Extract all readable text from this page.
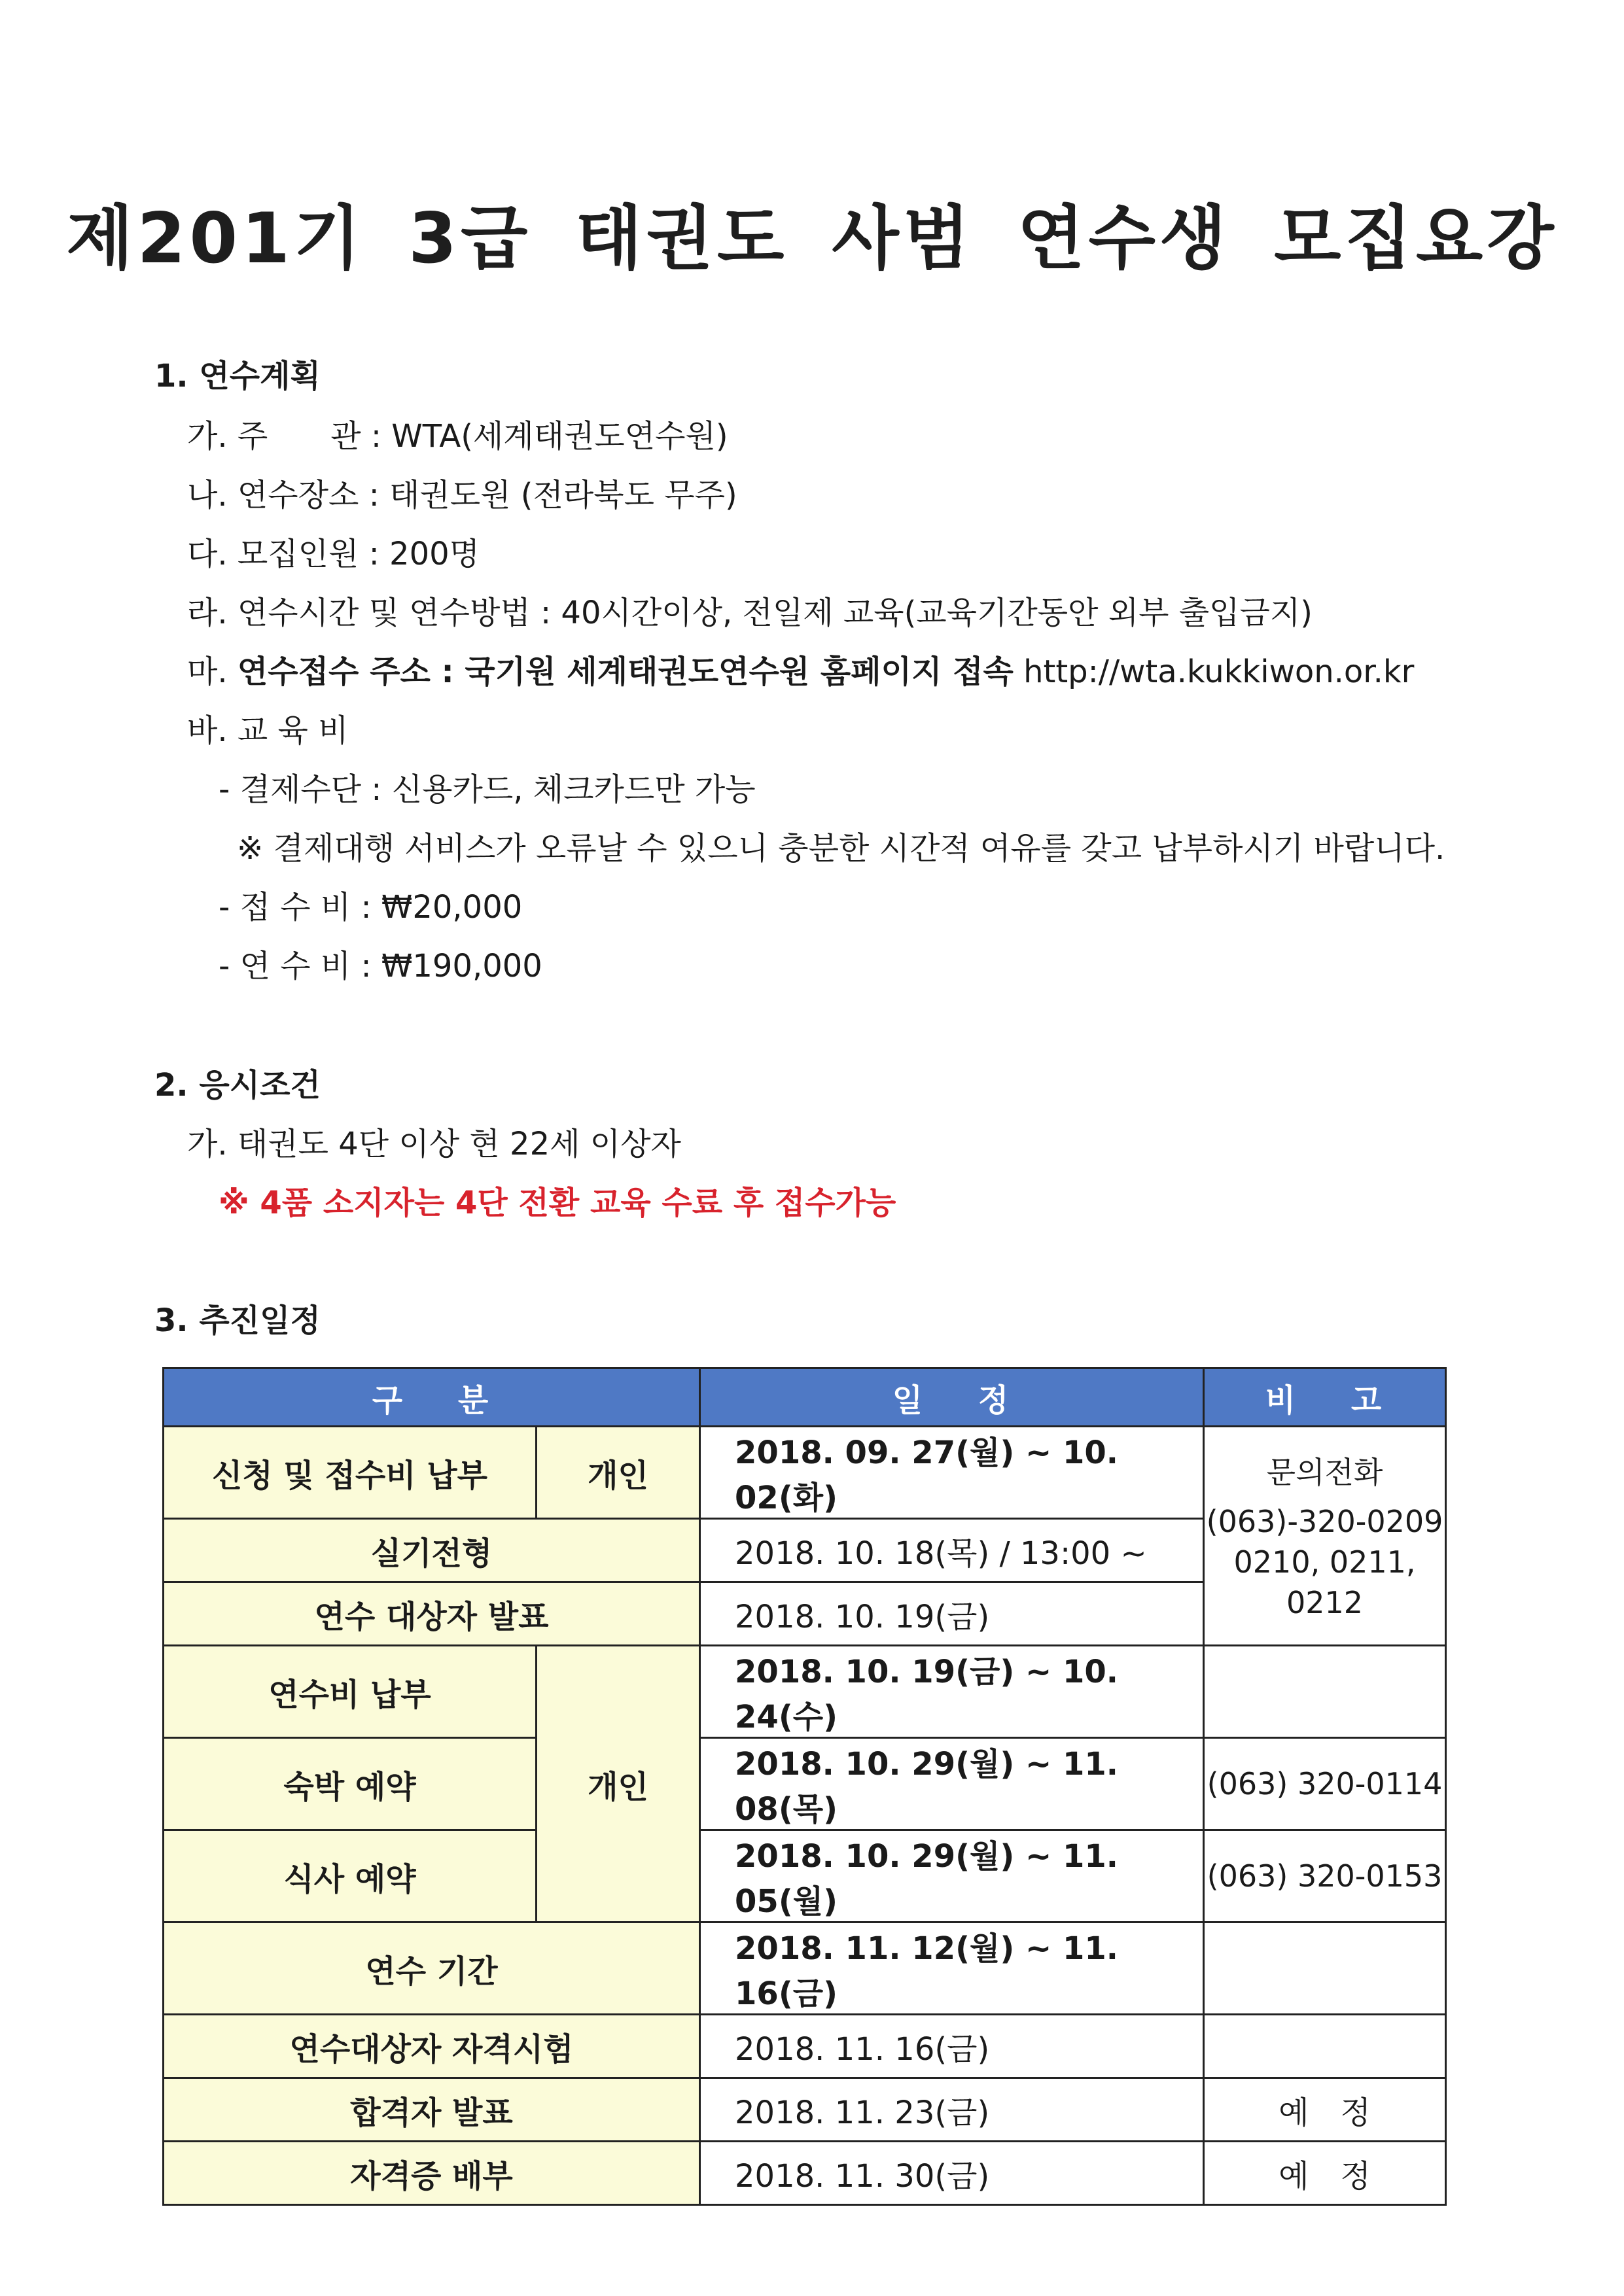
제201기 3급 태권도 사범 연수생 모집요강
1. 연수계획
가. 주　　관 : WTA(세계태권도연수원)
나. 연수장소 : 태권도원 (전라북도 무주)
다. 모집인원 : 200명
라. 연수시간 및 연수방법 : 40시간이상, 전일제 교육(교육기간동안 외부 출입금지)
마. 연수접수 주소 : 국기원 세계태권도연수원 홈페이지 접속 http://wta.kukkiwon.or.kr
바. 교 육 비
- 결제수단 : 신용카드, 체크카드만 가능
※ 결제대행 서비스가 오류날 수 있으니 충분한 시간적 여유를 갖고 납부하시기 바랍니다.
- 접 수 비 : ₩20,000
- 연 수 비 : ₩190,000
2. 응시조건
가. 태권도 4단 이상 현 22세 이상자
※ 4품 소지자는 4단 전환 교육 수료 후 접수가능
3. 추진일정
구 분		일 정	비 고
신청 및 접수비 납부	개인	2018. 09. 27(월) ~ 10. 02(화)	문의전화
(063)-320-0209
0210, 0211, 0212

실기전형		2018. 10. 18(목) / 13:00 ~	
연수 대상자 발표		2018. 10. 19(금)	
연수비 납부	개인	2018. 10. 19(금) ~ 10. 24(수)	
숙박 예약		2018. 10. 29(월) ~ 11. 08(목)	(063) 320-0114
식사 예약		2018. 10. 29(월) ~ 11. 05(월)	(063) 320-0153
연수 기간		2018. 11. 12(월) ~ 11. 16(금)	
연수대상자 자격시험		2018. 11. 16(금)	
합격자 발표		2018. 11. 23(금)	예　정
자격증 배부		2018. 11. 30(금)	예　정
